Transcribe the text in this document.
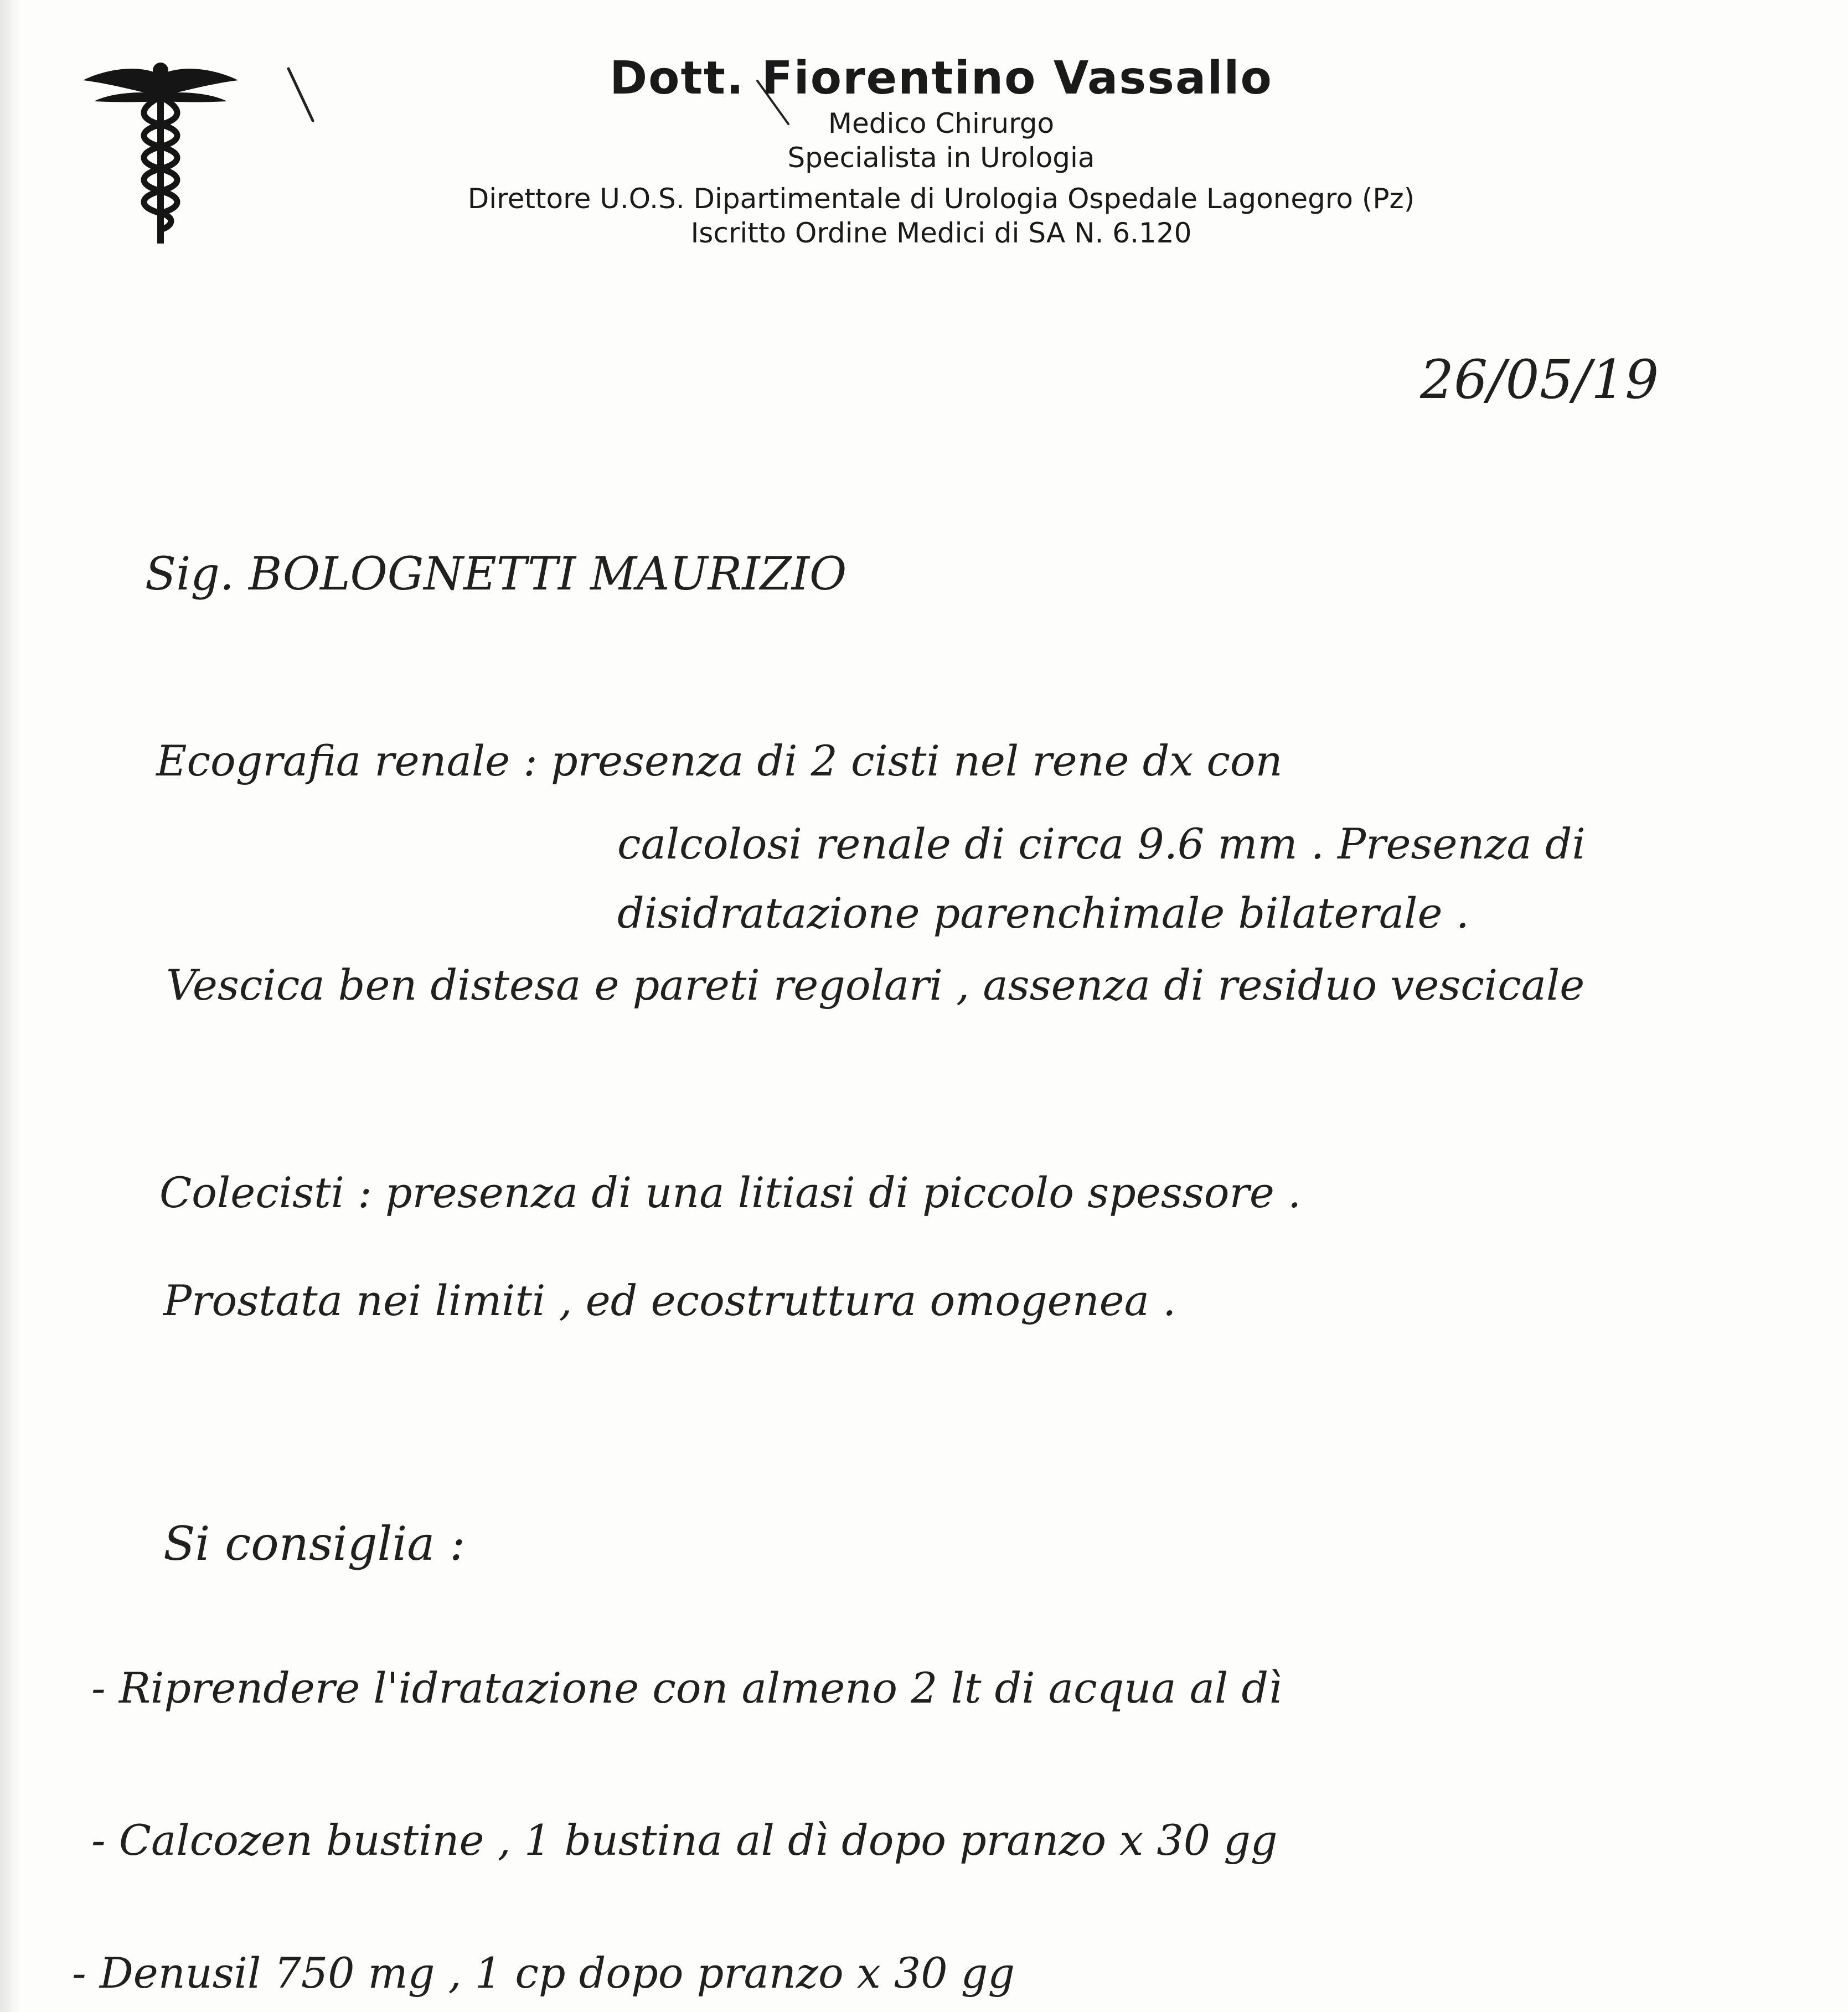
Dott. Fiorentino Vassallo
Medico Chirurgo
Specialista in Urologia
Direttore U.O.S. Dipartimentale di Urologia Ospedale Lagonegro (Pz)
Iscritto Ordine Medici di SA N. 6.120
26/05/19
Sig. BOLOGNETTI MAURIZIO
Ecografia renale : presenza di 2 cisti nel rene dx con
calcolosi renale di circa 9.6 mm . Presenza di
disidratazione parenchimale bilaterale .
Vescica ben distesa e pareti regolari , assenza di residuo vescicale
Colecisti : presenza di una litiasi di piccolo spessore .
Prostata nei limiti , ed ecostruttura omogenea .
Si consiglia :
- Riprendere l'idratazione con almeno 2 lt di acqua al dì
- Calcozen bustine , 1 bustina al dì dopo pranzo x 30 gg
- Denusil 750 mg , 1 cp dopo pranzo x 30 gg
